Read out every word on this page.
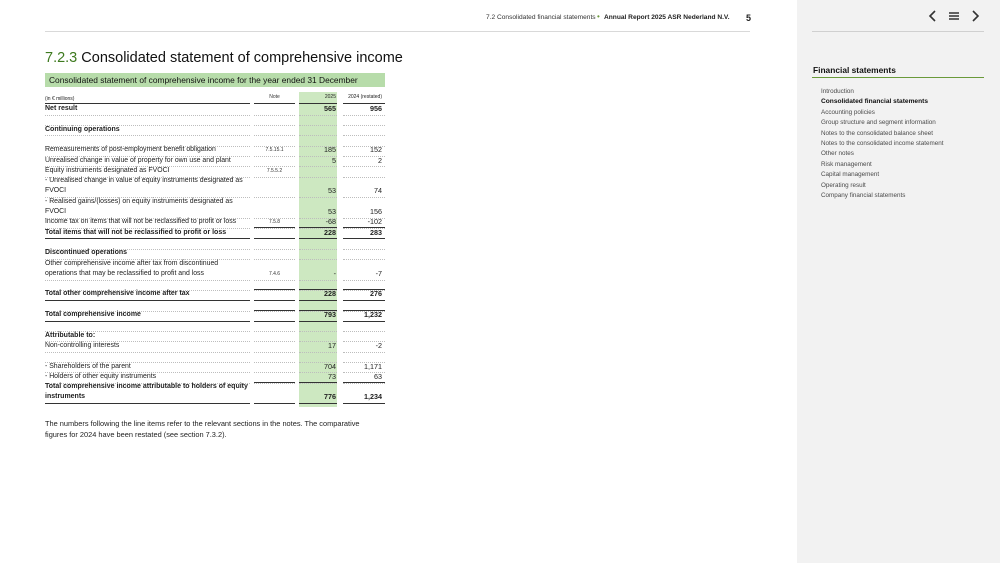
7.2 Consolidated financial statements • Annual Report 2025 ASR Nederland N.V. 5
7.2.3 Consolidated statement of comprehensive income
Consolidated statement of comprehensive income for the year ended 31 December
(in € millions)	Note	2025	2024 (restated)
Net result	565	956
Continuing operations
Remeasurements of post-employment benefit obligation	7.5.15.1	185	152
Unrealised change in value of property for own use and plant	5	2
Equity instruments designated as FVOCI	7.5.5.2
- Unrealised change in value of equity instruments designated as FVOCI	53	74
- Realised gains/(losses) on equity instruments designated as FVOCI	53	156
Income tax on items that will not be reclassified to profit or loss	7.5.8	-68	-102
Total items that will not be reclassified to profit or loss	228	283
Discontinued operations
Other comprehensive income after tax from discontinued operations that may be reclassified to profit and loss	7.4.6	-	-7
Total other comprehensive income after tax	228	276
Total comprehensive income	793	1,232
Attributable to:
Non-controlling interests	17	-2
- Shareholders of the parent	704	1,171
- Holders of other equity instruments	73	63
Total comprehensive income attributable to holders of equity instruments	776	1,234
The numbers following the line items refer to the relevant sections in the notes. The comparative figures for 2024 have been restated (see section 7.3.2).
Financial statements
Introduction
Consolidated financial statements
Accounting policies
Group structure and segment information
Notes to the consolidated balance sheet
Notes to the consolidated income statement
Other notes
Risk management
Capital management
Operating result
Company financial statements
